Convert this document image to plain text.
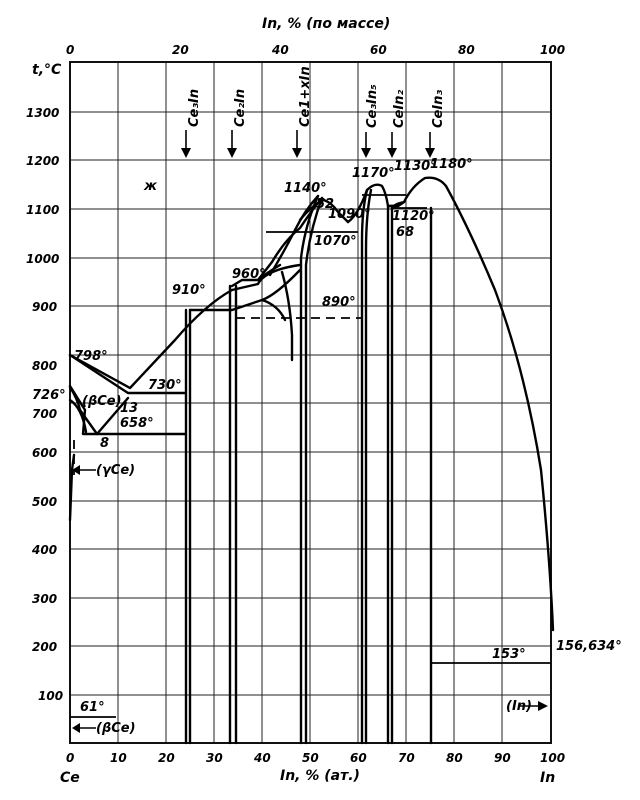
Ce₃In Ce₂In	Ce1+xIn	Ce₃In₅ CeIn₂ CeIn₃
In, % (по массе)
In, % (ат.)
t,°C
Ce	In
0	10	20	30	40	50	60	70	80	90 100
0	20	40	60	80	100
100
200
300
400
500
600
700
800
900
1000
1100
1200
1300
ж
(βCe)
(γCe)
(βCe)
(In)
798°
726°
730°
658°
13
8
61°
910°
960°
890°
1140°
52
1090°
1070°
1170° 1130°
1180°
1120°
68
153°
156,634°
